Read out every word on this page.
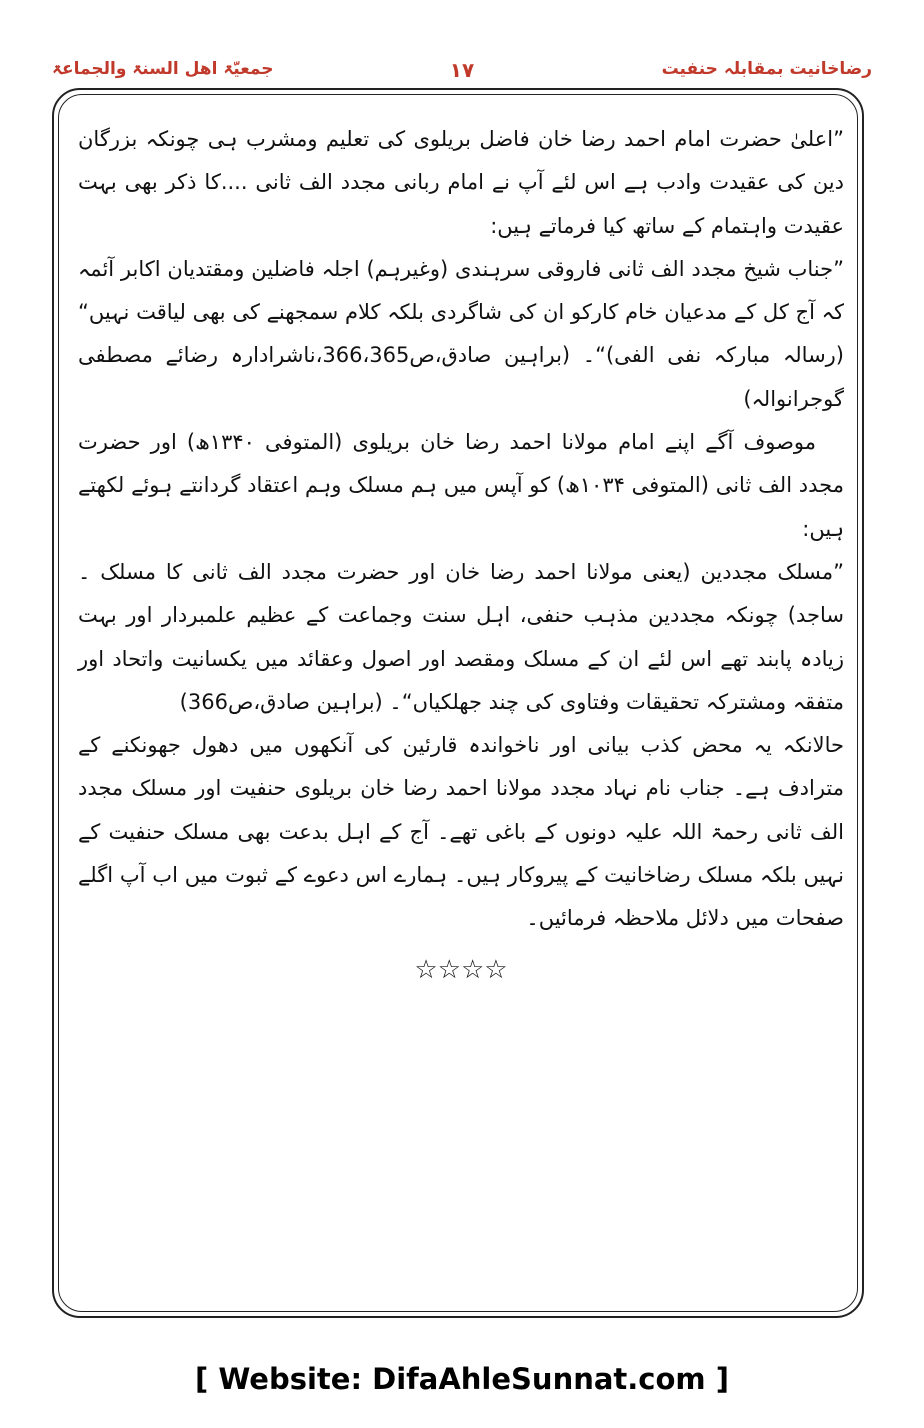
جمعیّۃ اھل السنۃ والجماعۃ	۱۷	رضاخانیت بمقابلہ حنفیت

”اعلیٰ حضرت امام احمد رضا خان فاضل بریلوی کی تعلیم ومشرب ہی چونکہ بزرگان دین کی عقیدت وادب ہے اس لئے آپ نے امام ربانی مجدد الف ثانی ....کا ذکر بھی بہت عقیدت واہتمام کے ساتھ کیا فرماتے ہیں:

”جناب شیخ مجدد الف ثانی فاروقی سرہندی (وغیرہم) اجلہ فاضلین ومقتدیان اکابر آئمہ کہ آج کل کے مدعیان خام کارکو ان کی شاگردی بلکہ کلام سمجھنے کی بھی لیاقت نہیں“ (رسالہ مبارکہ نفی الفی)“۔ (براہین صادق،ص366،365،ناشرادارہ رضائے مصطفی گوجرانوالہ)

موصوف آگے اپنے امام مولانا احمد رضا خان بریلوی (المتوفی ۱۳۴۰ھ) اور حضرت مجدد الف ثانی (المتوفی ۱۰۳۴ھ) کو آپس میں ہم مسلک وہم اعتقاد گردانتے ہوئے لکھتے ہیں:

”مسلک مجددین (یعنی مولانا احمد رضا خان اور حضرت مجدد الف ثانی کا مسلک ۔ساجد) چونکہ مجددین مذہب حنفی، اہل سنت وجماعت کے عظیم علمبردار اور بہت زیادہ پابند تھے اس لئے ان کے مسلک ومقصد اور اصول وعقائد میں یکسانیت واتحاد اور متفقہ ومشترکہ تحقیقات وفتاوی کی چند جھلکیاں“۔ (براہین صادق،ص366)

حالانکہ یہ محض کذب بیانی اور ناخواندہ قارئین کی آنکھوں میں دھول جھونکنے کے مترادف ہے۔ جناب نام نہاد مجدد مولانا احمد رضا خان بریلوی حنفیت اور مسلک مجدد الف ثانی رحمۃ اللہ علیہ دونوں کے باغی تھے۔ آج کے اہل بدعت بھی مسلک حنفیت کے نہیں بلکہ مسلک رضاخانیت کے پیروکار ہیں۔ ہمارے اس دعوے کے ثبوت میں اب آپ اگلے صفحات میں دلائل ملاحظہ فرمائیں۔

☆☆☆☆
[ Website: DifaAhleSunnat.com ]
